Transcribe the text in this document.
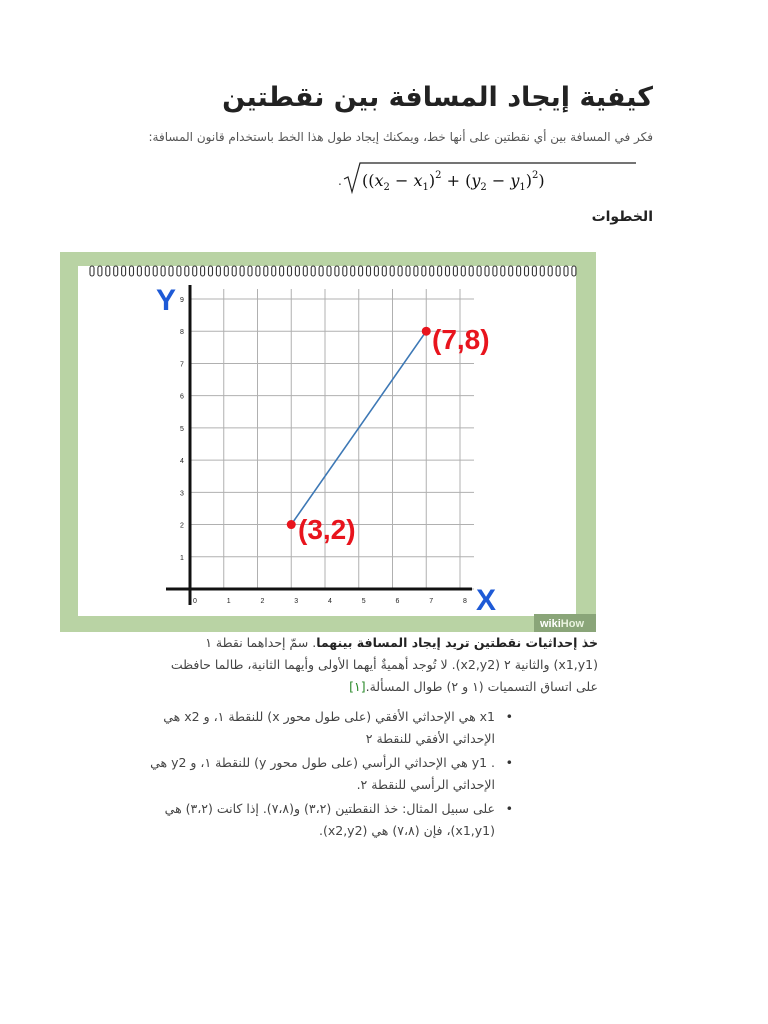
كيفية إيجاد المسافة بين نقطتين
فكر في المسافة بين أي نقطتين على أنها خط، ويمكنك إيجاد طول هذا الخط باستخدام قانون المسافة:
. $((x_2 - x_1)^2 + (y_2 - y_1)^2)$
الخطوات
0	1	2	3	4	5	6	7	8
1
2
3
4
5
6
7
8
9
Y
X
(3,2)
(7,8)
wikiHow
خذ إحداثيات نقطتين تريد إيجاد المسافة بينهما. سمّ إحداهما نقطة ١ (x1,y1) والثانية ٢ (x2,y2). لا تُوجد أهميةٌ أيهما الأولى وأيهما الثانية، طالما حافظت على اتساق التسميات (١ و ٢) طوال المسألة.[١]
• x1 هي الإحداثي الأفقي (على طول محور x) للنقطة ١، و x2 هي الإحداثي الأفقي للنقطة ٢
• . y1 هي الإحداثي الرأسي (على طول محور y) للنقطة ١، و y2 هي الإحداثي الرأسي للنقطة ٢.
• على سبيل المثال: خذ النقطتين (٣،٢) و(٧،٨). إذا كانت (٣،٢) هي (x1,y1)، فإن (٧،٨) هي (x2,y2).
